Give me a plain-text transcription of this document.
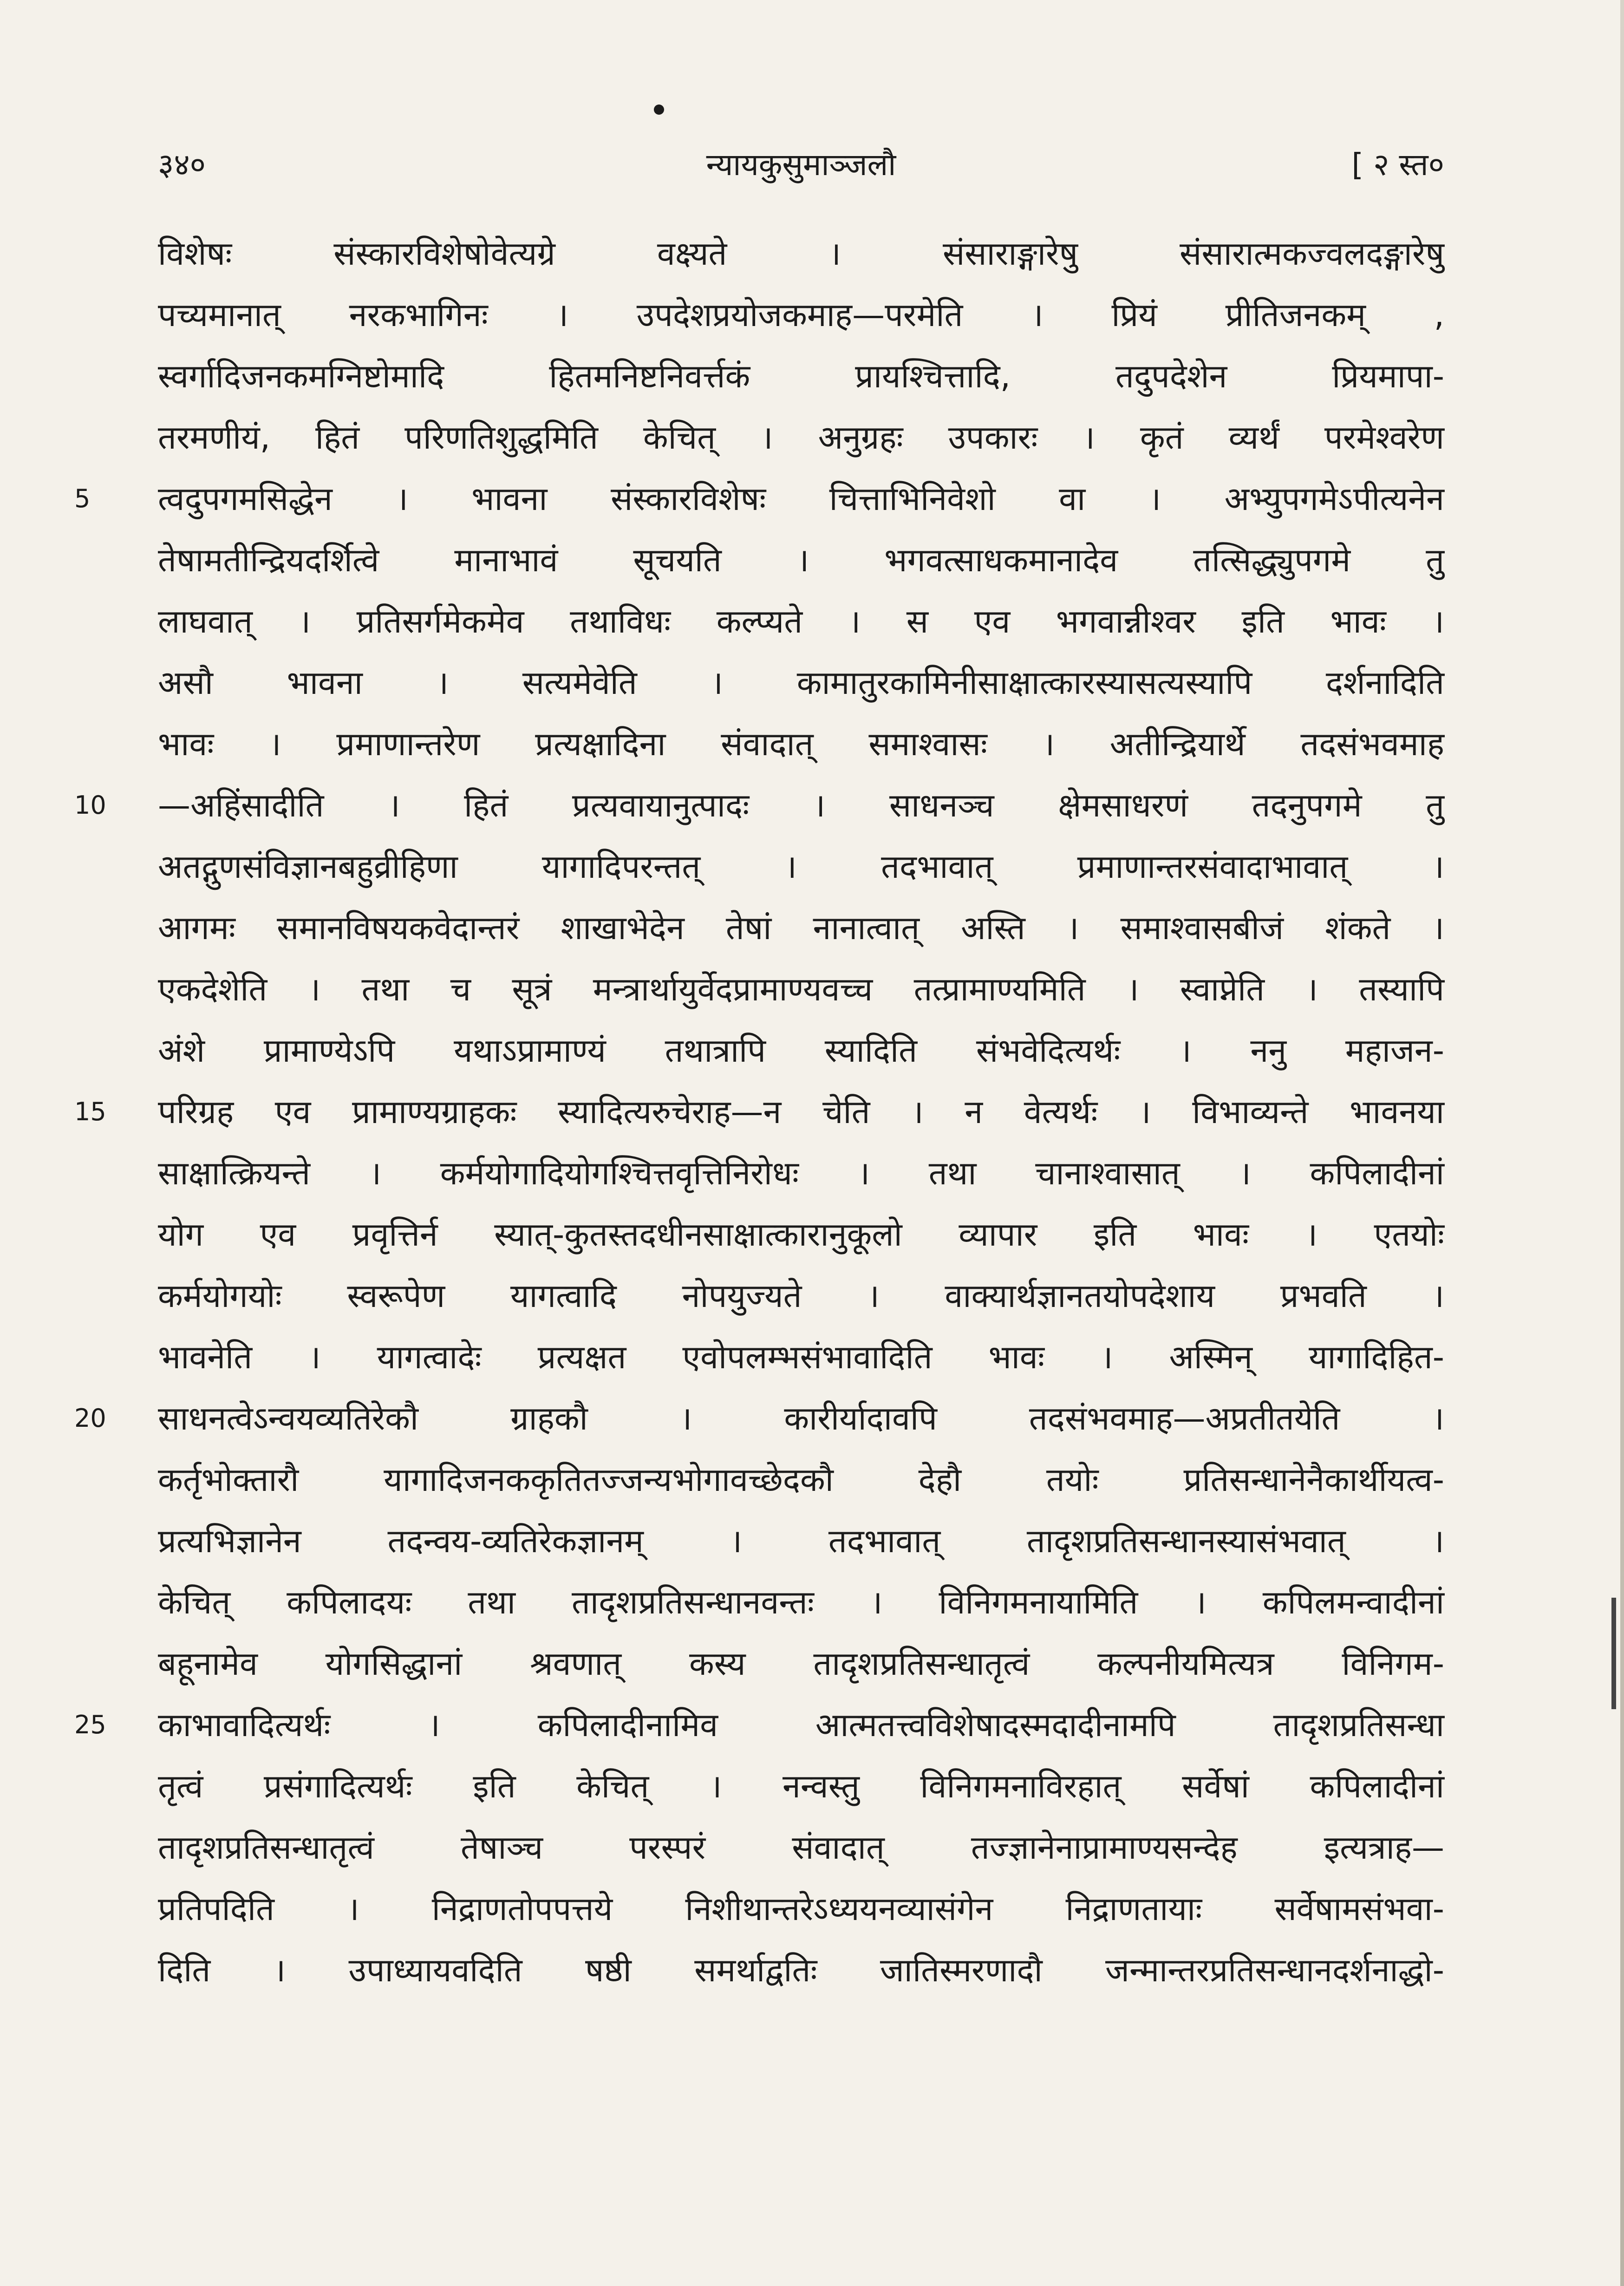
३४०	न्यायकुसुमाञ्जलौ	[ २ स्त०
विशेषः संस्कारविशेषोवेत्यग्रे वक्ष्यते । संसाराङ्गारेषु संसारात्मकज्वलदङ्गारेषु
पच्यमानात् नरकभागिनः । उपदेशप्रयोजकमाह—परमेति । प्रियं प्रीतिजनकम् ,
स्वर्गादिजनकमग्निष्टोमादि हितमनिष्टनिवर्त्तकं प्रायश्चित्तादि, तदुपदेशेन प्रियमापा-
तरमणीयं, हितं परिणतिशुद्धमिति केचित् । अनुग्रहः उपकारः । कृतं व्यर्थं परमेश्वरेण
5	त्वदुपगमसिद्धेन । भावना संस्कारविशेषः चित्ताभिनिवेशो वा । अभ्युपगमेऽपीत्यनेन
तेषामतीन्द्रियदर्शित्वे मानाभावं सूचयति । भगवत्साधकमानादेव तत्सिद्ध्युपगमे तु
लाघवात् । प्रतिसर्गमेकमेव तथाविधः कल्प्यते । स एव भगवान्नीश्वर इति भावः ।
असौ भावना । सत्यमेवेति । कामातुरकामिनीसाक्षात्कारस्यासत्यस्यापि दर्शनादिति
भावः । प्रमाणान्तरेण प्रत्यक्षादिना संवादात् समाश्वासः । अतीन्द्रियार्थे तदसंभवमाह
10	—अहिंसादीति । हितं प्रत्यवायानुत्पादः । साधनञ्च क्षेमसाधरणं तदनुपगमे तु
अतद्गुणसंविज्ञानबहुव्रीहिणा यागादिपरन्तत् । तदभावात् प्रमाणान्तरसंवादाभावात् ।
आगमः समानविषयकवेदान्तरं शाखाभेदेन तेषां नानात्वात् अस्ति । समाश्वासबीजं शंकते ।
एकदेशेति । तथा च सूत्रं मन्त्रार्थायुर्वेदप्रामाण्यवच्च तत्प्रामाण्यमिति । स्वाप्नेति । तस्यापि
अंशे प्रामाण्येऽपि यथाऽप्रामाण्यं तथात्रापि स्यादिति संभवेदित्यर्थः । ननु महाजन-
15	परिग्रह एव प्रामाण्यग्राहकः स्यादित्यरुचेराह—न चेति । न वेत्यर्थः । विभाव्यन्ते भावनया
साक्षात्क्रियन्ते । कर्मयोगादियोगश्चित्तवृत्तिनिरोधः । तथा चानाश्वासात् । कपिलादीनां
योग एव प्रवृत्तिर्न स्यात्-कुतस्तदधीनसाक्षात्कारानुकूलो व्यापार इति भावः । एतयोः
कर्मयोगयोः स्वरूपेण यागत्वादि नोपयुज्यते । वाक्यार्थज्ञानतयोपदेशाय प्रभवति ।
भावनेति । यागत्वादेः प्रत्यक्षत एवोपलम्भसंभावादिति भावः । अस्मिन् यागादिहित-
20	साधनत्वेऽन्वयव्यतिरेकौ ग्राहकौ । कारीर्यादावपि तदसंभवमाह—अप्रतीतयेति ।
कर्तृभोक्तारौ यागादिजनककृतितज्जन्यभोगावच्छेदकौ देहौ तयोः प्रतिसन्धानेनैकार्थीयत्व-
प्रत्यभिज्ञानेन तदन्वय-व्यतिरेकज्ञानम् । तदभावात् तादृशप्रतिसन्धानस्यासंभवात् ।
केचित् कपिलादयः तथा तादृशप्रतिसन्धानवन्तः । विनिगमनायामिति । कपिलमन्वादीनां
बहूनामेव योगसिद्धानां श्रवणात् कस्य तादृशप्रतिसन्धातृत्वं कल्पनीयमित्यत्र विनिगम-
25	काभावादित्यर्थः । कपिलादीनामिव आत्मतत्त्वविशेषादस्मदादीनामपि तादृशप्रतिसन्धा
तृत्वं प्रसंगादित्यर्थः इति केचित् । नन्वस्तु विनिगमनाविरहात् सर्वेषां कपिलादीनां
तादृशप्रतिसन्धातृत्वं तेषाञ्च परस्परं संवादात् तज्ज्ञानेनाप्रामाण्यसन्देह इत्यत्राह—
प्रतिपदिति । निद्राणतोपपत्तये निशीथान्तरेऽध्ययनव्यासंगेन निद्राणतायाः सर्वेषामसंभवा-
दिति । उपाध्यायवदिति षष्ठी समर्थाद्वतिः जातिस्मरणादौ जन्मान्तरप्रतिसन्धानदर्शनाद्धो-
